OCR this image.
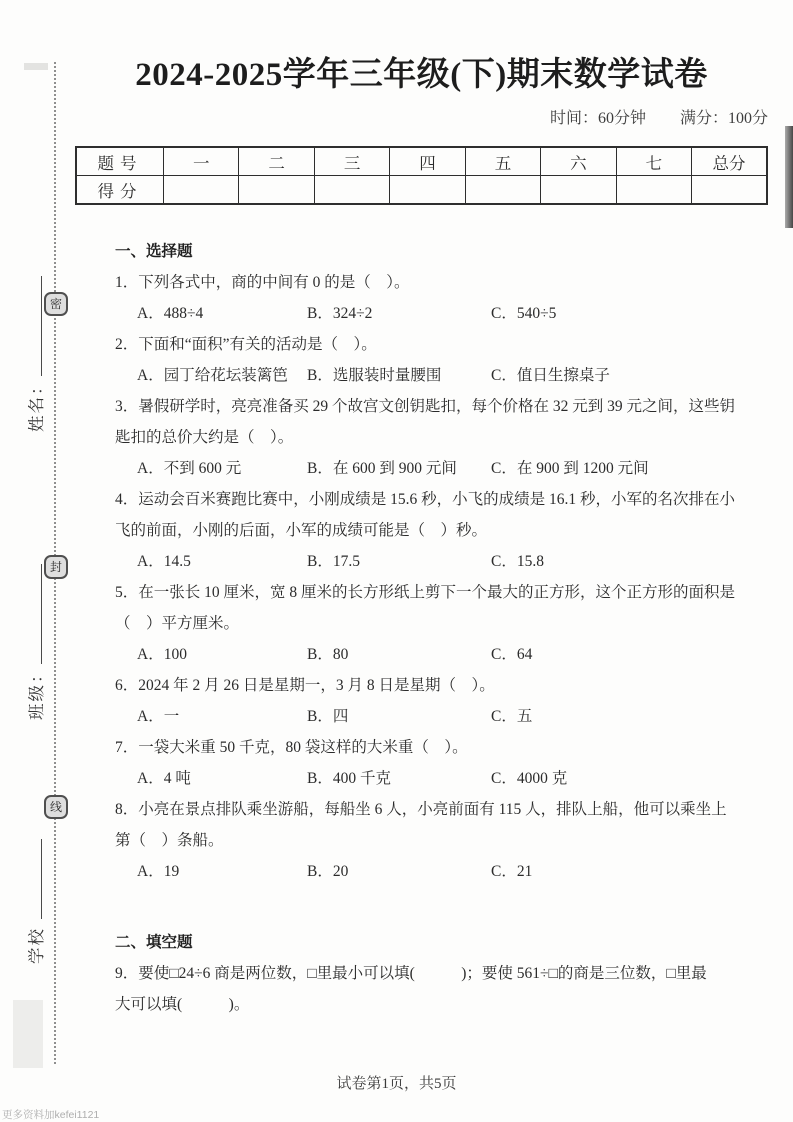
密
封
线
姓名：
班级：
学校
2024-2025学年三年级(下)期末数学试卷
时间：60分钟 满分：100分
题号	一	二	三	四	五	六	七	总分
得分								
一、选择题
1．下列各式中，商的中间有 0 的是（　）。
A．488÷4	B．324÷2	C．540÷5
2．下面和“面积”有关的活动是（　）。
A．园丁给花坛装篱笆	B．选服装时量腰围	C．值日生擦桌子
3．暑假研学时，亮亮准备买 29 个故宫文创钥匙扣，每个价格在 32 元到 39 元之间，这些钥
匙扣的总价大约是（　）。
A．不到 600 元	B．在 600 到 900 元间	C．在 900 到 1200 元间
4．运动会百米赛跑比赛中，小刚成绩是 15.6 秒，小飞的成绩是 16.1 秒，小军的名次排在小
飞的前面，小刚的后面，小军的成绩可能是（　）秒。
A．14.5	B．17.5	C．15.8
5．在一张长 10 厘米，宽 8 厘米的长方形纸上剪下一个最大的正方形，这个正方形的面积是
（　）平方厘米。
A．100	B．80	C．64
6．2024 年 2 月 26 日是星期一，3 月 8 日是星期（　）。
A．一	B．四	C．五
7．一袋大米重 50 千克，80 袋这样的大米重（　）。
A．4 吨	B．400 千克	C．4000 克
8．小亮在景点排队乘坐游船，每船坐 6 人，小亮前面有 115 人，排队上船，他可以乘坐上
第（　）条船。
A．19	B．20	C．21
二、填空题
9．要使□24÷6 商是两位数，□里最小可以填(            )；要使 561÷□的商是三位数，□里最
大可以填(            )。
试卷第1页，共5页
更多资料加kefei1121
